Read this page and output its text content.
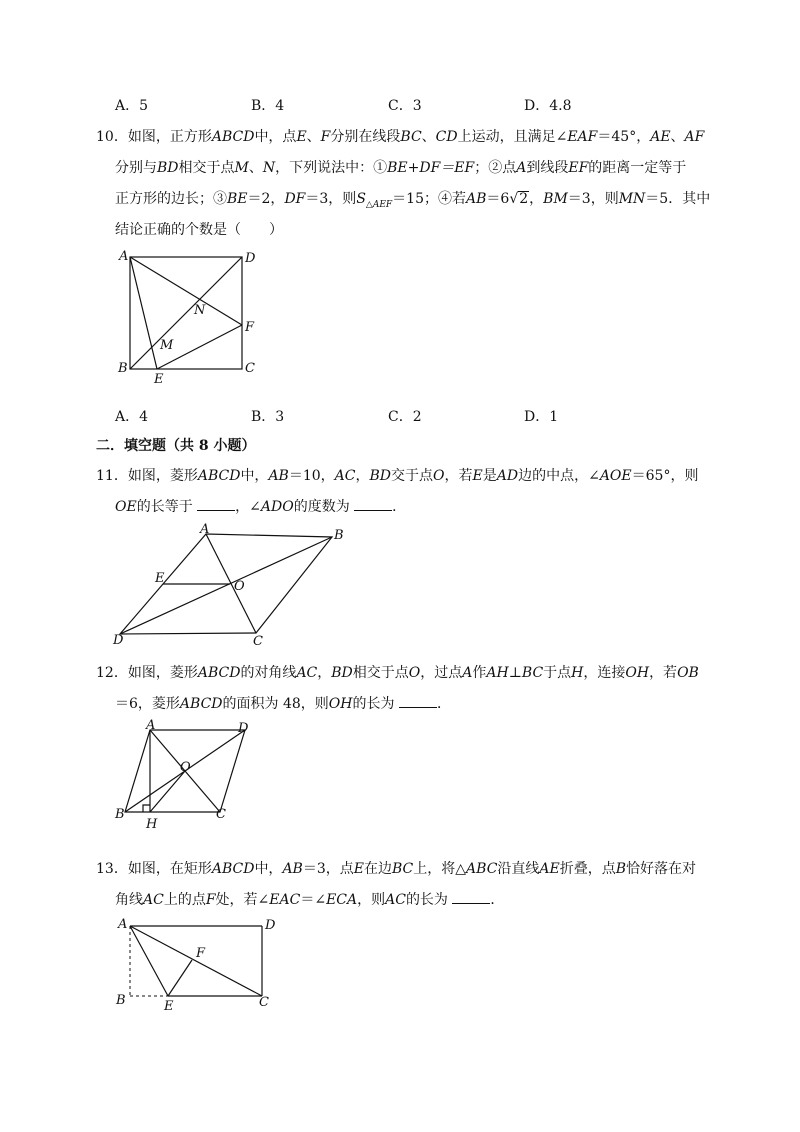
A．5	B．4	C．3	D．4.8
10．如图，正方形ABCD中，点E、F分别在线段BC、CD上运动，且满足∠EAF＝45°，AE、AF
分别与BD相交于点M、N，下列说法中：①BE+DF＝EF；②点A到线段EF的距离一定等于
正方形的边长；③BE＝2，DF＝3，则$S_{\triangle AEF}=15$；④若AB＝6√2，BM＝3，则MN＝5．其中
结论正确的个数是（　　）
A	D
N
F
M
B
E
C
A．4	B．3	C．2	D．1
二．填空题（共 8 小题）
11．如图，菱形ABCD中，AB＝10，AC，BD交于点O，若E是AD边的中点，∠AOE＝65°，则
OE的长等于	，∠ADO的度数为	．
A	B
E
O
D	C
12．如图，菱形ABCD的对角线AC，BD相交于点O，过点A作AH⊥BC于点H，连接OH，若OB
＝6，菱形ABCD的面积为 48，则OH的长为	．
A	D
O
B
H
C
13．如图，在矩形ABCD中，AB＝3，点E在边BC上，将△ABC沿直线AE折叠，点B恰好落在对
角线AC上的点F处，若∠EAC＝∠ECA，则AC的长为	．
A	D
F
B	E	C
